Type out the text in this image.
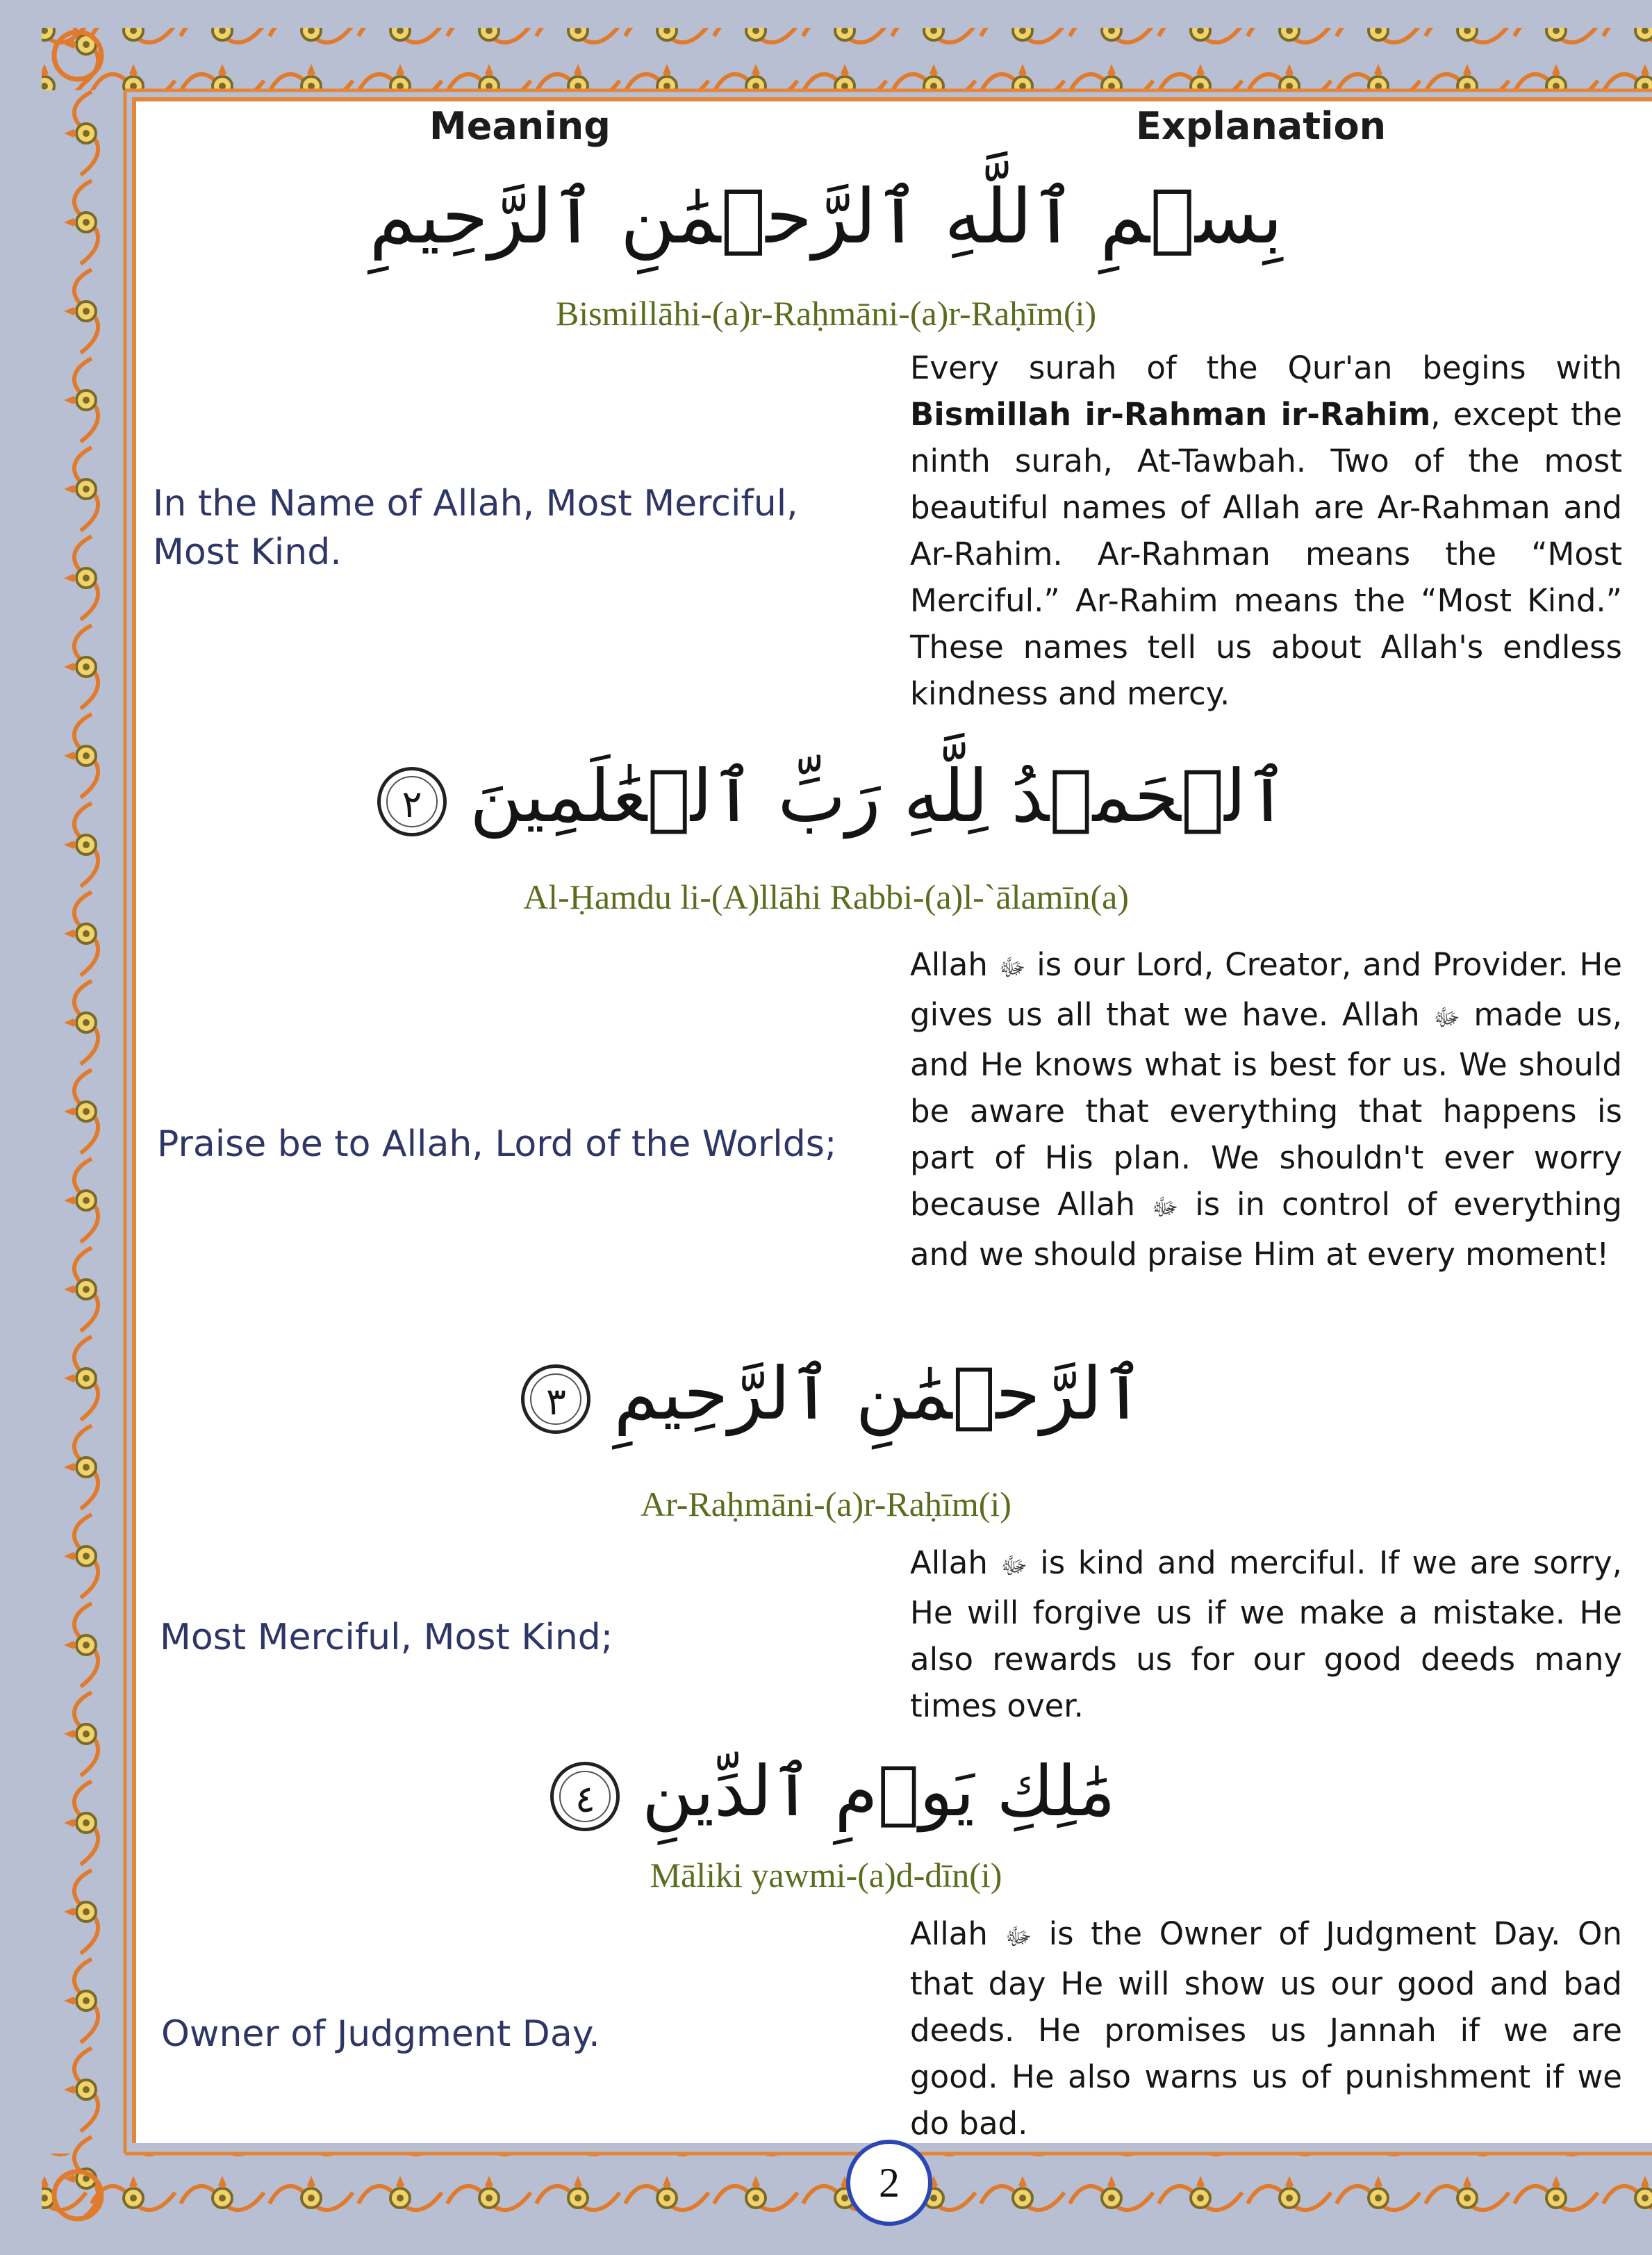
Meaning	Explanation
بِسۡمِ ٱللَّهِ ٱلرَّحۡمَٰنِ ٱلرَّحِيمِ
Bismillāhi-(a)r-Raḥmāni-(a)r-Raḥīm(i)
In the Name of Allah, Most Merciful, Most Kind.
Every surah of the Qur'an begins with Bismillah ir-Rahman ir-Rahim, except the ninth surah, At-Tawbah. Two of the most beautiful names of Allah are Ar-Rahman and Ar-Rahim. Ar-Rahman means the “Most Merciful.” Ar-Rahim means the “Most Kind.” These names tell us about Allah's endless kindness and mercy.
ٱلۡحَمۡدُ لِلَّهِ رَبِّ ٱلۡعَٰلَمِينَ ٢
Al-Ḥamdu li-(A)llāhi Rabbi-(a)l-`ālamīn(a)
Praise be to Allah, Lord of the Worlds;
Allah ﷻ is our Lord, Creator, and Provider. He gives us all that we have. Allah ﷻ made us, and He knows what is best for us. We should be aware that everything that happens is part of His plan. We shouldn't ever worry because Allah ﷻ is in control of everything and we should praise Him at every moment!
ٱلرَّحۡمَٰنِ ٱلرَّحِيمِ ٣
Ar-Raḥmāni-(a)r-Raḥīm(i)
Most Merciful, Most Kind;
Allah ﷻ is kind and merciful. If we are sorry, He will forgive us if we make a mistake. He also rewards us for our good deeds many times over.
مَٰلِكِ يَوۡمِ ٱلدِّينِ ٤
Māliki yawmi-(a)d-dīn(i)
Owner of Judgment Day.
Allah ﷻ is the Owner of Judgment Day. On that day He will show us our good and bad deeds. He promises us Jannah if we are good. He also warns us of punishment if we do bad.
2
